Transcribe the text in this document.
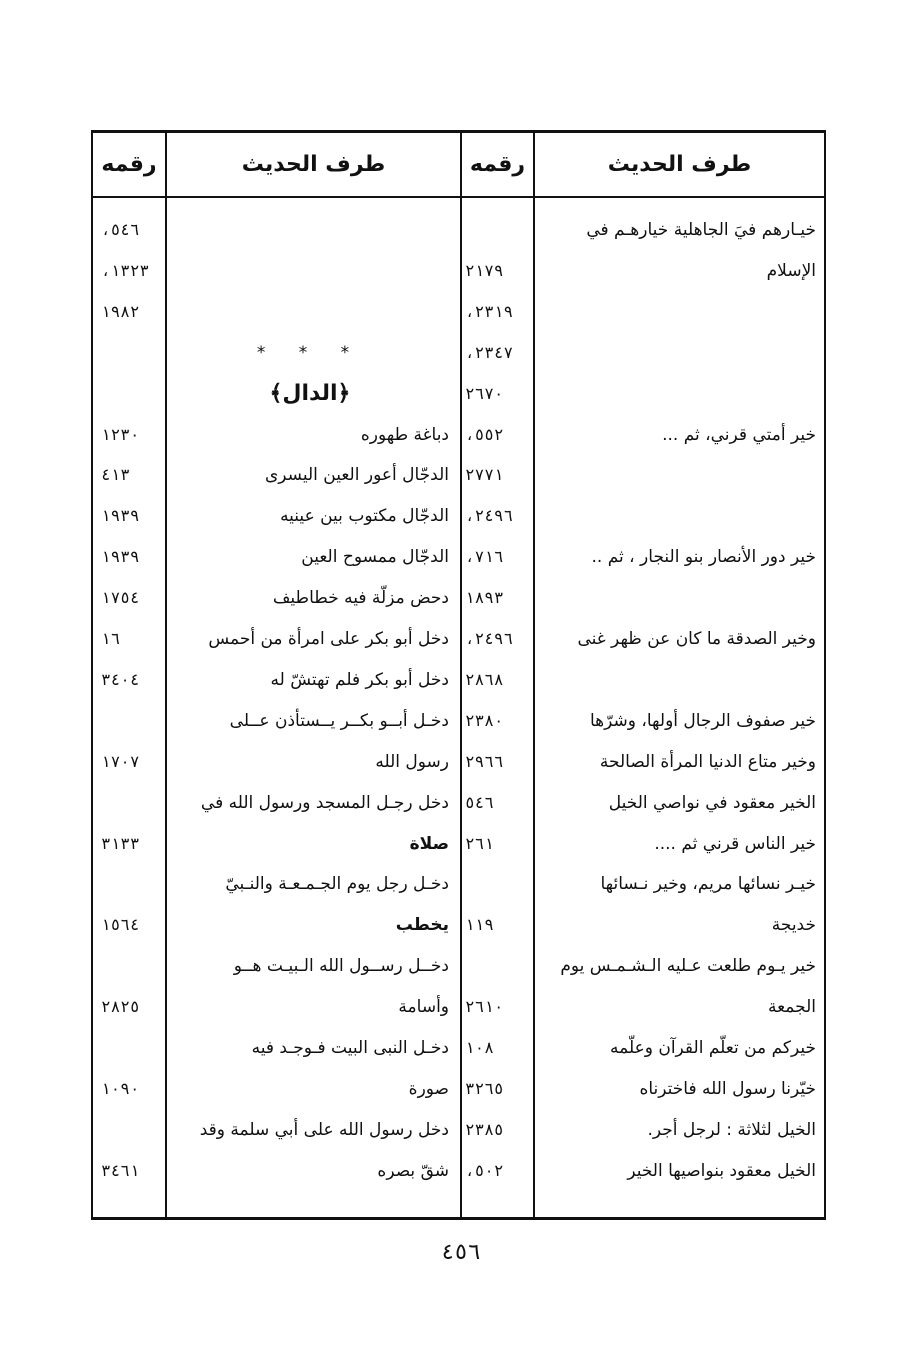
طرف الحديث
رقمه
طرف الحديث
رقمه
خيـارهم فيَ الجاهلية خيارهـم في
٥٤٦،
الإسلام
٢١٧٩
١٣٢٣،
٢٣١٩،
١٩٨٢
٢٣٤٧،
* * *
٢٦٧٠
﴿الدال﴾
خير أمتي قرني، ثم ...
٥٥٢،
دباغة طهوره
١٢٣٠
٢٧٧١
الدجّال أعور العين اليسرى
٤١٣
٢٤٩٦،
الدجّال مكتوب بين عينيه
١٩٣٩
خير دور الأنصار بنو النجار ، ثم ..
٧١٦،
الدجّال ممسوح العين
١٩٣٩
١٨٩٣
دحض مزلّة فيه خطاطيف
١٧٥٤
وخير الصدقة ما كان عن ظهر غنى
٢٤٩٦،
دخل أبو بكر على امرأة من أحمس
١٦
٢٨٦٨
دخل أبو بكر فلم تهتشّ له
٣٤٠٤
خير صفوف الرجال أولها، وشرّها
٢٣٨٠
دخـل أبــو بكــر يــستأذن عــلى
وخير متاع الدنيا المرأة الصالحة
٢٩٦٦
رسول الله
١٧٠٧
الخير معقود في نواصي الخيل
٥٤٦
دخل رجـل المسجد ورسول الله في
خير الناس قرني ثم ....
٢٦١
صلاة
٣١٣٣
خيـر نسائها مريم، وخير نـسائها
دخـل رجل يوم الجـمـعـة والنـبيّ
خديجة
١١٩
يخطب
١٥٦٤
خير يـوم طلعت عـليه الـشـمـس يوم
دخــل رســول الله الـبيـت هــو
الجمعة
٢٦١٠
وأسامة
٢٨٢٥
خيركم من تعلّم القرآن وعلّمه
١٠٨
دخـل النبى البيت فـوجـد فيه
خيّرنا رسول الله فاخترناه
٣٢٦٥
صورة
١٠٩٠
الخيل لثلاثة : لرجل أجر.
٢٣٨٥
دخل رسول الله على أبي سلمة وقد
الخيل معقود بنواصيها الخير
٥٠٢،
شقّ بصره
٣٤٦١
٤٥٦
